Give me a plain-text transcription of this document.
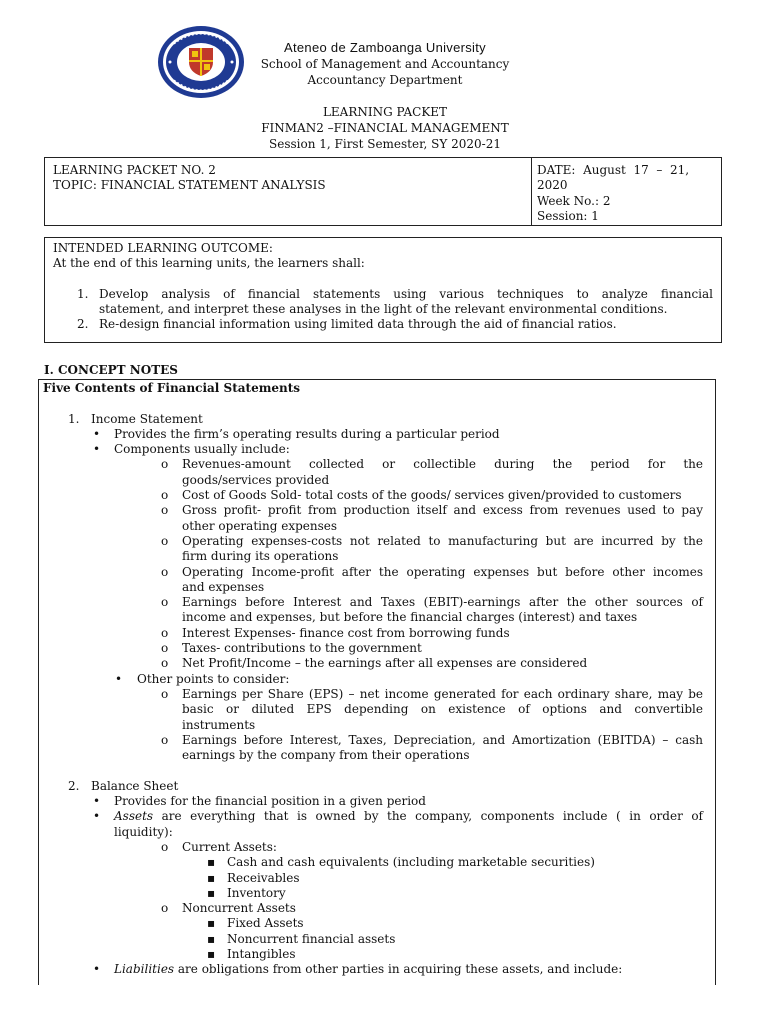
Ateneo de Zamboanga University

School of Management and Accountancy

Accountancy Department

LEARNING PACKET

FINMAN2 –FINANCIAL MANAGEMENT

Session 1, First Semester, SY 2020-21

LEARNING PACKET NO. 2

TOPIC: FINANCIAL STATEMENT ANALYSIS

DATE:  August  17  –  21,

2020

Week No.: 2

Session: 1

INTENDED LEARNING OUTCOME:

At the end of this learning units, the learners shall:

1. Develop analysis of financial statements using various techniques to analyze financial

statement, and interpret these analyses in the light of the relevant environmental conditions.

2. Re-design financial information using limited data through the aid of financial ratios.

I. CONCEPT NOTES

Five Contents of Financial Statements

1. Income Statement

• Provides the firm’s operating results during a particular period

• Components usually include:

o Revenues-amount collected or collectible during the period for the

goods/services provided

o Cost of Goods Sold- total costs of the goods/ services given/provided to customers

o Gross profit- profit from production itself and excess from revenues used to pay

other operating expenses

o Operating expenses-costs not related to manufacturing but are incurred by the

firm during its operations

o Operating Income-profit after the operating expenses but before other incomes

and expenses

o Earnings before Interest and Taxes (EBIT)-earnings after the other sources of

income and expenses, but before the financial charges (interest) and taxes

o Interest Expenses- finance cost from borrowing funds

o Taxes- contributions to the government

o Net Profit/Income – the earnings after all expenses are considered

• Other points to consider:

o Earnings per Share (EPS) – net income generated for each ordinary share, may be

basic or diluted EPS depending on existence of options and convertible

instruments

o Earnings before Interest, Taxes, Depreciation, and Amortization (EBITDA) – cash

earnings by the company from their operations

2. Balance Sheet

• Provides for the financial position in a given period

• Assets are everything that is owned by the company, components include ( in order of

liquidity):

o Current Assets:

▪ Cash and cash equivalents (including marketable securities)

▪ Receivables

▪ Inventory

o Noncurrent Assets

▪ Fixed Assets

▪ Noncurrent financial assets

▪ Intangibles

• Liabilities are obligations from other parties in acquiring these assets, and include:
